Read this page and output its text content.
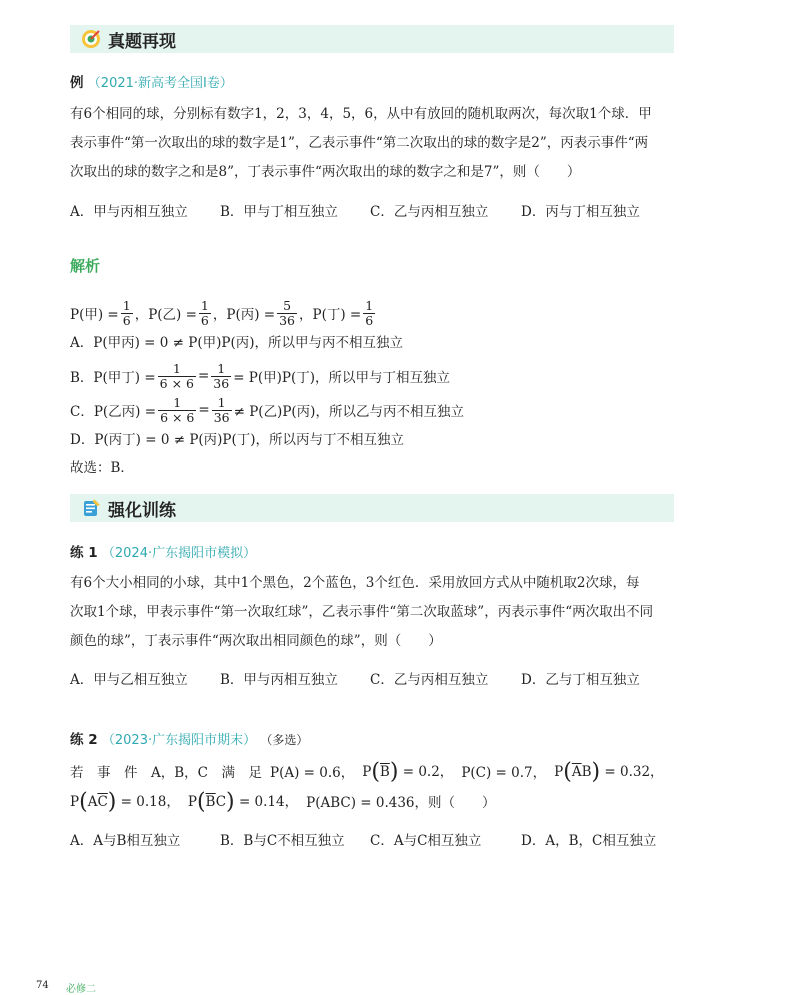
真题再现
例 （2021·新高考全国Ⅰ卷）
有6个相同的球，分别标有数字1，2，3，4，5，6，从中有放回的随机取两次，每次取1个球．甲
表示事件“第一次取出的球的数字是1”，乙表示事件“第二次取出的球的数字是2”，丙表示事件“两
次取出的球的数字之和是8”，丁表示事件“两次取出的球的数字之和是7”，则（　　）
A．甲与丙相互独立 B．甲与丁相互独立 C．乙与丙相互独立 D．丙与丁相互独立
解析
P(甲) = $\frac{1}{6}$ ， P(乙) = $\frac{1}{6}$ ， P(丙) = $\frac{5}{36}$ ， P(丁) = $\frac{1}{6}$
A．P(甲丙) = 0 ≠ P(甲)P(丙)，所以甲与丙不相互独立
B．P(甲丁) = $\frac{1}{6 \times 6} = \frac{1}{36} = P$(甲)P(丁)，所以甲与丁相互独立
C．P(乙丙) = $\frac{1}{6 \times 6} = \frac{1}{36} \ne P$(乙)P(丙)，所以乙与丙不相互独立
D．P(丙丁) = 0 ≠ P(丙)P(丁)，所以丙与丁不相互独立
故选：B．
强化训练
练 1 （2024·广东揭阳市模拟）
有6个大小相同的小球，其中1个黑色，2个蓝色，3个红色．采用放回方式从中随机取2次球，每
次取1个球，甲表示事件“第一次取红球”，乙表示事件“第二次取蓝球”，丙表示事件“两次取出不同
颜色的球”，丁表示事件“两次取出相同颜色的球”，则（　　）
A．甲与乙相互独立 B．甲与丙相互独立 C．乙与丙相互独立 D．乙与丁相互独立
练 2 （2023·广东揭阳市期末） （多选）
若　事　件　A，B，C　满　足 P(A) = 0.6， $P(\overline{B}) = 0.2$， P(C) = 0.7， $P(\overline{A}B) = 0.32$，
$P(A\overline{C}) = 0.18$， $P(\overline{B}C) = 0.14$， P(ABC) = 0.436，则（　　）
A．A与B相互独立	B．B与C不相互独立 C．A与C相互独立	D．A，B，C相互独立
74 必修二
